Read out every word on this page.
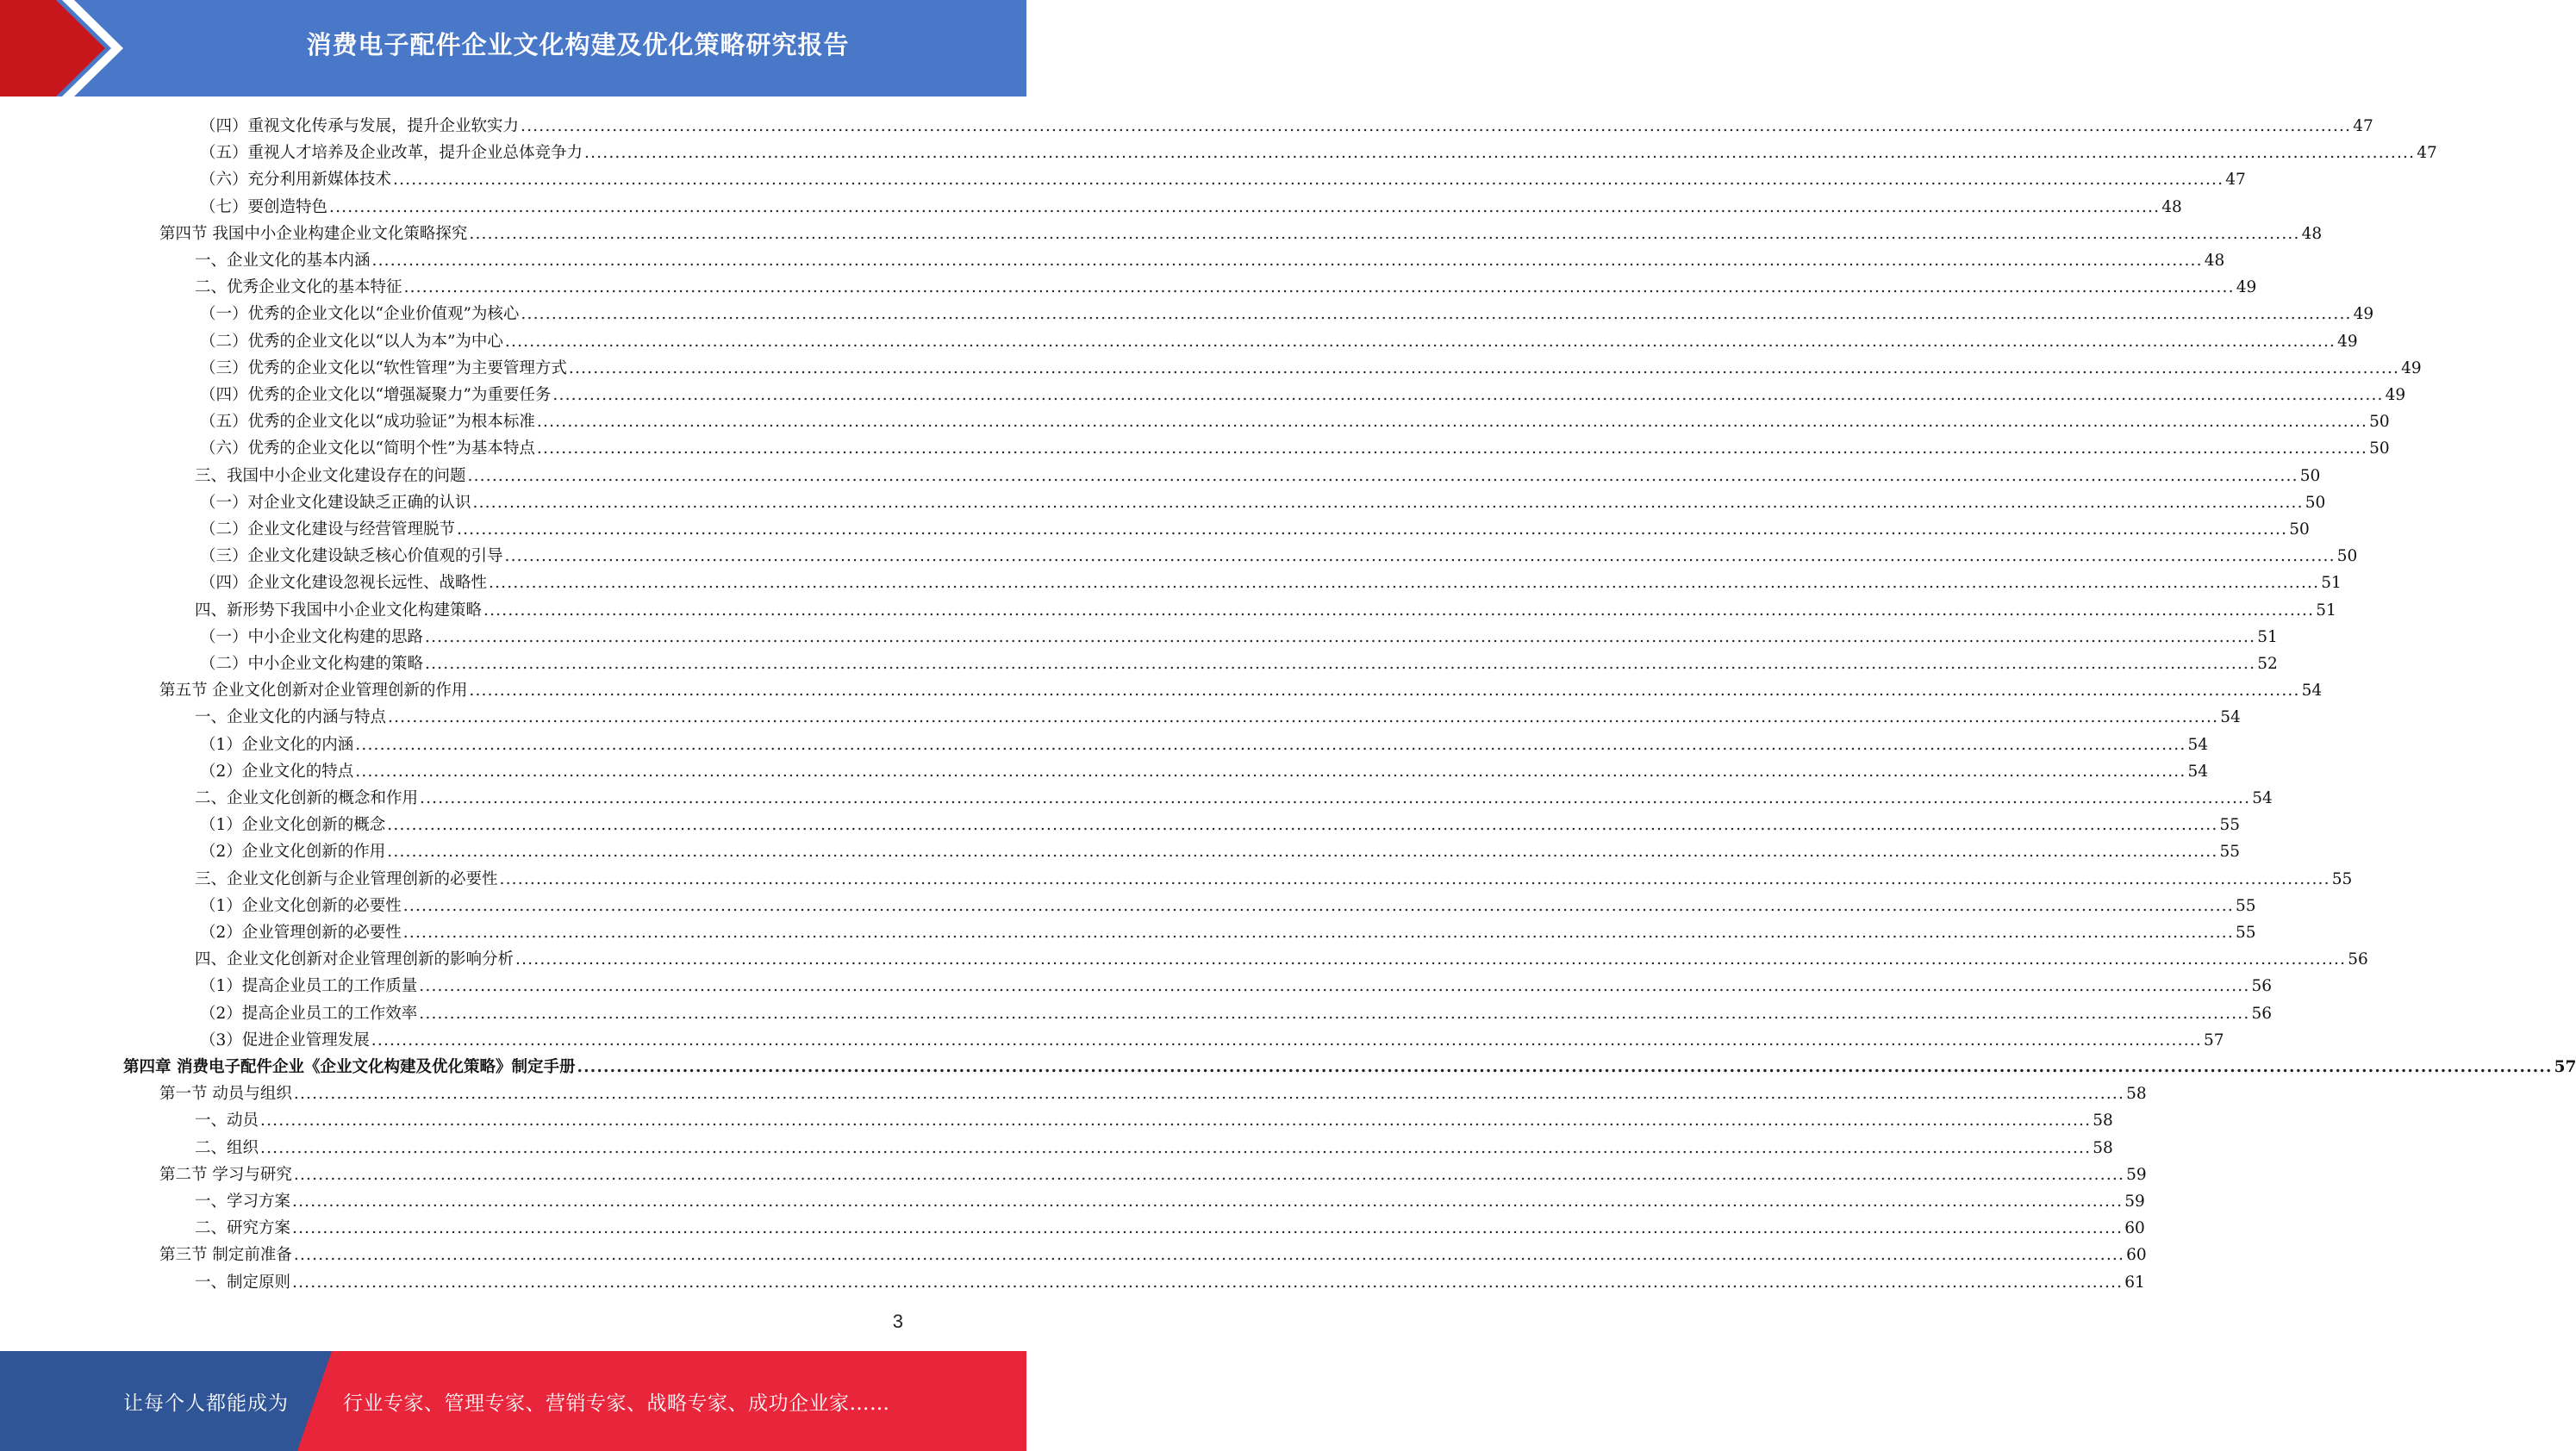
消费电子配件企业文化构建及优化策略研究报告
（四）重视文化传承与发展，提升企业软实力 ............................................................................................................................................................................................................................................................................................................ 47
（五）重视人才培养及企业改革，提升企业总体竞争力 ............................................................................................................................................................................................................................................................................................................ 47
（六）充分利用新媒体技术 ............................................................................................................................................................................................................................................................................................................ 47
（七）要创造特色 ............................................................................................................................................................................................................................................................................................................ 48
第四节 我国中小企业构建企业文化策略探究 ............................................................................................................................................................................................................................................................................................................ 48
一、企业文化的基本内涵 ............................................................................................................................................................................................................................................................................................................ 48
二、优秀企业文化的基本特征 ............................................................................................................................................................................................................................................................................................................ 49
（一）优秀的企业文化以“企业价值观”为核心 ............................................................................................................................................................................................................................................................................................................ 49
（二）优秀的企业文化以“以人为本”为中心 ............................................................................................................................................................................................................................................................................................................ 49
（三）优秀的企业文化以“软性管理”为主要管理方式 ............................................................................................................................................................................................................................................................................................................ 49
（四）优秀的企业文化以“增强凝聚力”为重要任务 ............................................................................................................................................................................................................................................................................................................ 49
（五）优秀的企业文化以“成功验证”为根本标准 ............................................................................................................................................................................................................................................................................................................ 50
（六）优秀的企业文化以“简明个性”为基本特点 ............................................................................................................................................................................................................................................................................................................ 50
三、我国中小企业文化建设存在的问题 ............................................................................................................................................................................................................................................................................................................ 50
（一）对企业文化建设缺乏正确的认识 ............................................................................................................................................................................................................................................................................................................ 50
（二）企业文化建设与经营管理脱节 ............................................................................................................................................................................................................................................................................................................ 50
（三）企业文化建设缺乏核心价值观的引导 ............................................................................................................................................................................................................................................................................................................ 50
（四）企业文化建设忽视长远性、战略性 ............................................................................................................................................................................................................................................................................................................ 51
四、新形势下我国中小企业文化构建策略 ............................................................................................................................................................................................................................................................................................................ 51
（一）中小企业文化构建的思路 ............................................................................................................................................................................................................................................................................................................ 51
（二）中小企业文化构建的策略 ............................................................................................................................................................................................................................................................................................................ 52
第五节 企业文化创新对企业管理创新的作用 ............................................................................................................................................................................................................................................................................................................ 54
一、企业文化的内涵与特点 ............................................................................................................................................................................................................................................................................................................ 54
（1）企业文化的内涵 ............................................................................................................................................................................................................................................................................................................ 54
（2）企业文化的特点 ............................................................................................................................................................................................................................................................................................................ 54
二、企业文化创新的概念和作用 ............................................................................................................................................................................................................................................................................................................ 54
（1）企业文化创新的概念 ............................................................................................................................................................................................................................................................................................................ 55
（2）企业文化创新的作用 ............................................................................................................................................................................................................................................................................................................ 55
三、企业文化创新与企业管理创新的必要性 ............................................................................................................................................................................................................................................................................................................ 55
（1）企业文化创新的必要性 ............................................................................................................................................................................................................................................................................................................ 55
（2）企业管理创新的必要性 ............................................................................................................................................................................................................................................................................................................ 55
四、企业文化创新对企业管理创新的影响分析 ............................................................................................................................................................................................................................................................................................................ 56
（1）提高企业员工的工作质量 ............................................................................................................................................................................................................................................................................................................ 56
（2）提高企业员工的工作效率 ............................................................................................................................................................................................................................................................................................................ 56
（3）促进企业管理发展 ............................................................................................................................................................................................................................................................................................................ 57
第四章 消费电子配件企业《企业文化构建及优化策略》制定手册 ............................................................................................................................................................................................................................................................................................................ 57
第一节 动员与组织 ............................................................................................................................................................................................................................................................................................................ 58
一、动员 ............................................................................................................................................................................................................................................................................................................ 58
二、组织 ............................................................................................................................................................................................................................................................................................................ 58
第二节 学习与研究 ............................................................................................................................................................................................................................................................................................................ 59
一、学习方案 ............................................................................................................................................................................................................................................................................................................ 59
二、研究方案 ............................................................................................................................................................................................................................................................................................................ 60
第三节 制定前准备 ............................................................................................................................................................................................................................................................................................................ 60
一、制定原则 ............................................................................................................................................................................................................................................................................................................ 61
3
让每个人都能成为	行业专家、管理专家、营销专家、战略专家、成功企业家……
